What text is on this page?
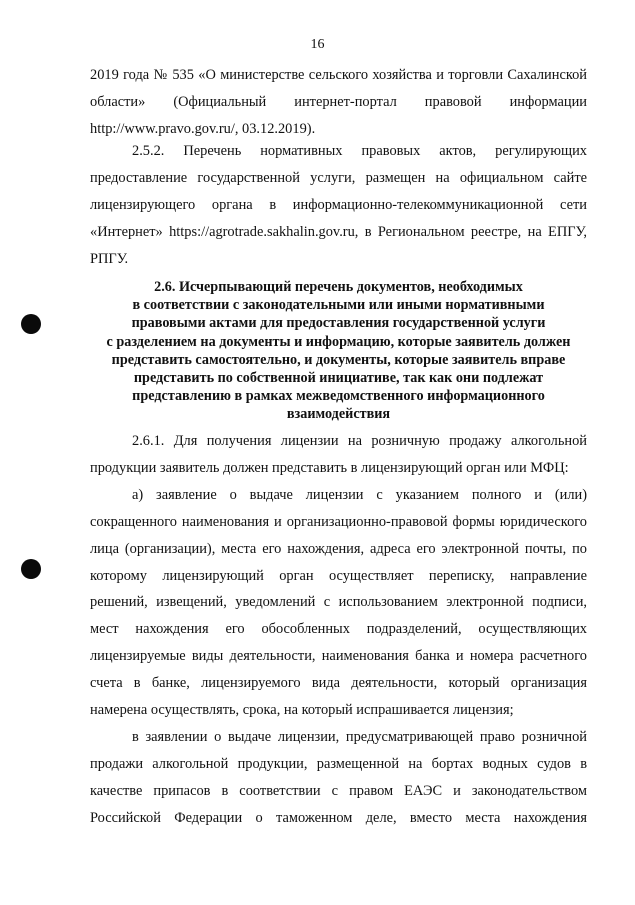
16

2019 года № 535 «О министерстве сельского хозяйства и торговли Сахалинской области» (Официальный интернет-портал правовой информации http://www.pravo.gov.ru/, 03.12.2019).

2.5.2. Перечень нормативных правовых актов, регулирующих предоставление государственной услуги, размещен на официальном сайте лицензирующего органа в информационно-телекоммуникационной сети «Интернет» https://agrotrade.sakhalin.gov.ru, в Региональном реестре, на ЕПГУ, РПГУ.

2.6. Исчерпывающий перечень документов, необходимых

в соответствии с законодательными или иными нормативными

правовыми актами для предоставления государственной услуги

с разделением на документы и информацию, которые заявитель должен

представить самостоятельно, и документы, которые заявитель вправе

представить по собственной инициативе, так как они подлежат

представлению в рамках межведомственного информационного

взаимодействия

2.6.1. Для получения лицензии на розничную продажу алкогольной продукции заявитель должен представить в лицензирующий орган или МФЦ:

а) заявление о выдаче лицензии с указанием полного и (или) сокращенного наименования и организационно-правовой формы юридического лица (организации), места его нахождения, адреса его электронной почты, по которому лицензирующий орган осуществляет переписку, направление решений, извещений, уведомлений с использованием электронной подписи, мест нахождения его обособленных подразделений, осуществляющих лицензируемые виды деятельности, наименования банка и номера расчетного счета в банке, лицензируемого вида деятельности, который организация намерена осуществлять, срока, на который испрашивается лицензия;

в заявлении о выдаче лицензии, предусматривающей право розничной продажи алкогольной продукции, размещенной на бортах водных судов в качестве припасов в соответствии с правом ЕАЭС и законодательством Российской Федерации о таможенном деле, вместо места нахождения
